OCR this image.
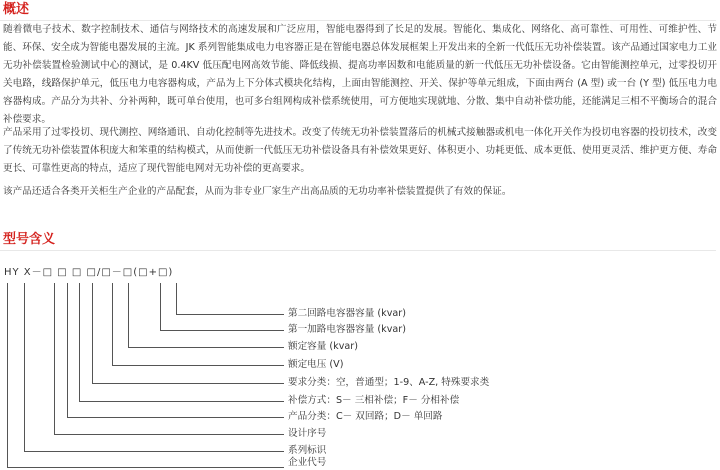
概述

随着微电子技术、数字控制技术、通信与网络技术的高速发展和广泛应用，智能电器得到了长足的发展。智能化、集成化、网络化、高可靠性、可用性、可维护性、节能、环保、安全成为智能电器发展的主流。JK 系列智能集成电力电容器正是在智能电器总体发展框架上开发出来的全新一代低压无功补偿装置。该产品通过国家电力工业无功补偿装置检验测试中心的测试，是 0.4KV 低压配电网高效节能、降低线损、提高功率因数和电能质量的新一代低压无功补偿设备。它由智能测控单元，过零投切开关电路，线路保护单元，低压电力电容器构成，产品为上下分体式模块化结构，上面由智能测控、开关、保护等单元组成，下面由两台 (A 型) 或一台 (Y 型) 低压电力电容器构成。产品分为共补、分补两种，既可单台使用，也可多台组网构成补偿系统使用，可方便地实现就地、分散、集中自动补偿功能，还能满足三相不平衡场合的混合补偿要求。

产品采用了过零投切、现代测控、网络通讯、自动化控制等先进技术。改变了传统无功补偿装置落后的机械式接触器或机电一体化开关作为投切电容器的投切技术，改变了传统无功补偿装置体积庞大和笨重的结构模式，从而使新一代低压无功补偿设备具有补偿效果更好、体积更小、功耗更低、成本更低、使用更灵活、维护更方便、寿命更长、可靠性更高的特点，适应了现代智能电网对无功补偿的更高要求。

该产品还适合各类开关柜生产企业的产品配套，从而为非专业厂家生产出高品质的无功功率补偿装置提供了有效的保证。

型号含义
HY X－□ □ □ □/□－□(□+□)
第二回路电容器容量 (kvar)
第一加路电容器容量 (kvar)
额定容量 (kvar)
额定电压 (V)
要求分类：空，普通型；1-9、A-Z, 特殊要求类
补偿方式：S－ 三相补偿；F－ 分相补偿
产品分类：C－ 双回路；D－ 单回路
设计序号
系列标识
企业代号
